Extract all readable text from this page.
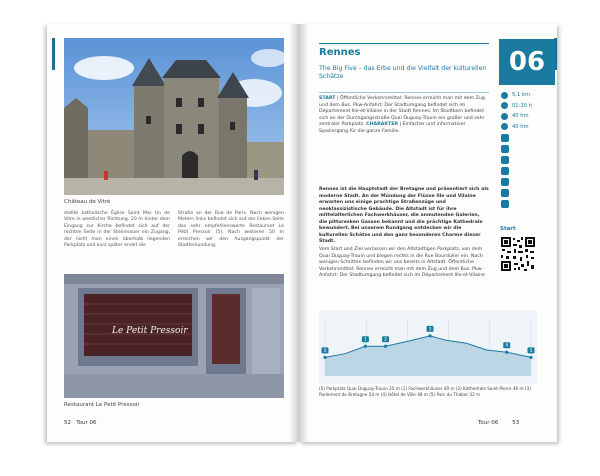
Château de Vitré
stellte katholische Église Saint Mar tin de Vitre in westlicher Richtung. 20 m hinter dem Eingang zur Kirche befindet sich auf der rechten Seite in der Steinmauer ein Zugang, der nicht man einen überhalb liegenden Parkplatz und kurz später endet die
Straße an der Rue de Paris. Nach wenigen Metern links befindet sich auf der linken Seite das sehr empfehlenswerte Restaurant Le Petit Pressoir (5), Nach weiteren 50 m erreichen wir den Ausgangspunkt der Stadterkundung.
Le Petit Pressoir
Restaurant Le Petit Pressoir
52 Tour 06
Rennes
The Big Five – das Erbe und die Vielfalt der kulturellen Schätze
START | Öffentliche Verkehrsmittel: Rennes erreicht man mit dem Zug und dem Bus. Pkw-Anfahrt: Der Stadtumgang befindet sich im Département Ille-et-Vilaine in der Stadt Rennes. Im Stadtkern befindet sich an der Durchgangsstraße Quai Duguay-Trouin ein großer und sehr zentraler Parkplatz. CHARAKTER | Einfacher und informativer Spaziergang für die ganze Familie.
Rennes ist die Hauptstadt der Bretagne und präsentiert sich als moderne Stadt. An der Mündung der Flüsse Ille und Vilaine erwarten uns einige prachtige Straßenzüge und neoklassizistische Gebäude. Die Altstadt ist für ihre mittelalterlichen Fachwerkhäuser, die anmutenden Galerien, die pittoresken Gassen bekannt und die prächtige Kathedrale bewundert. Bei unserem Rundgang entdecken wir die kulturellen Schätze und den ganz besonderen Charme dieser Stadt.
Vom Start und Ziel verlassen wir den Altstadtigen Parkplatz, von dem Quai Duguay-Trouin und biegen rechts in die Rue Bourdulier ein. Nach wenigen Schritten befinden wir uns bereits in Altstadt. Öffentliche Verkehrsmittel: Rennes erreicht man mit dem Zug und dem Bus. Pkw-Anfahrt: Der Stadtumgang befindet sich im Département Ille-et-Vilaine
06
5,1 km
01:30 h
40 hm
40 hm
Start
S
1	2
3
4
5
(S) Parkplatz Quai Duguay-Trouin 25 m (1) Fachwerkhäuser 40 m (2) Kathedrale Saint-Pierre 46 m (3) Parlement de Bretagne 54 m (4) Hôtel de Ville 48 m (5) Parc du Thabor 32 m
Tour 06	53
